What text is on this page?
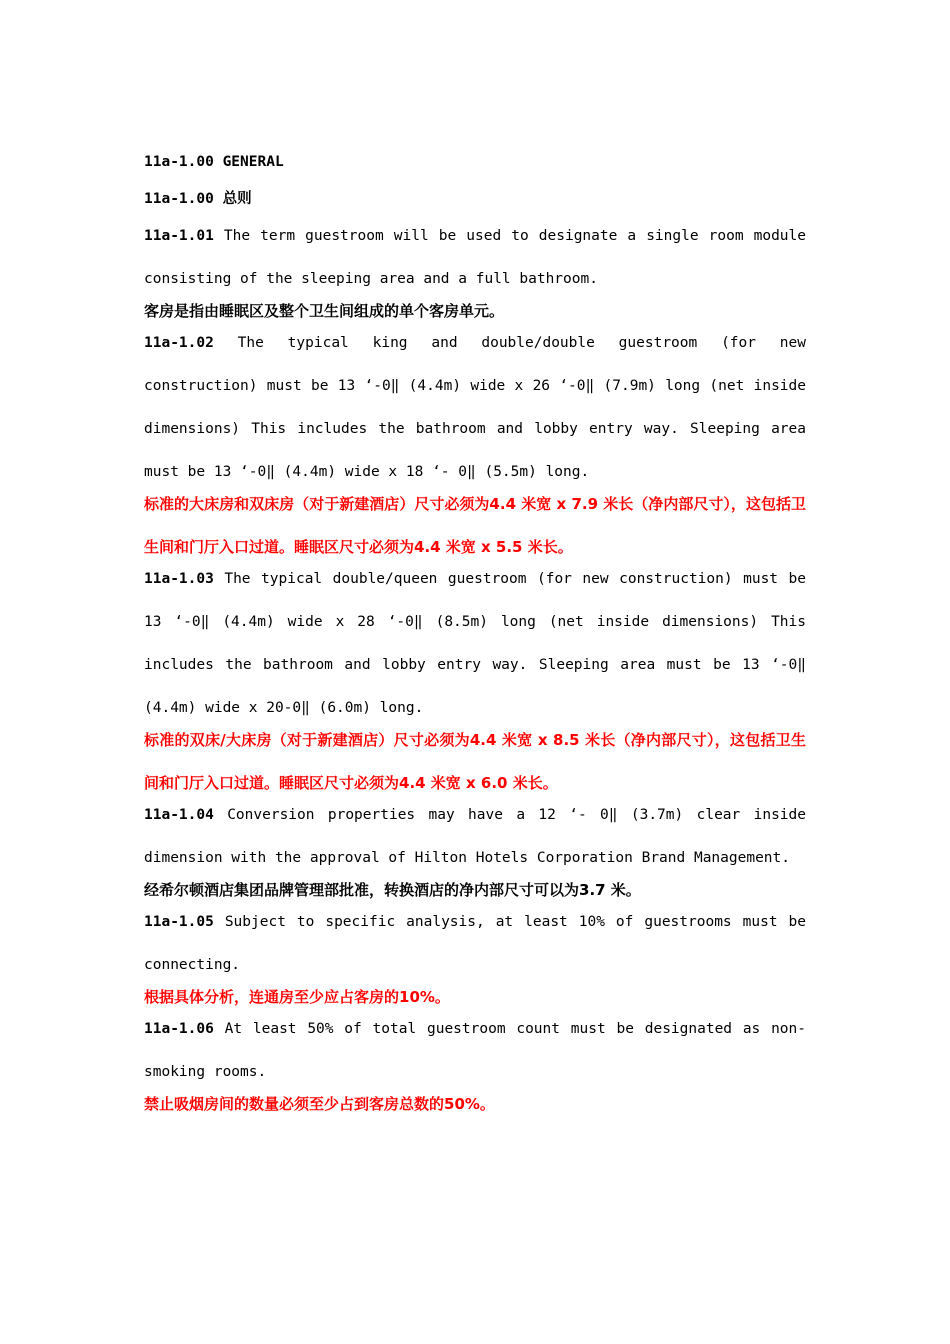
11a-1.00 GENERAL
11a-1.00 总则
11a-1.01 The term guestroom will be used to designate a single room module consisting of the sleeping area and a full bathroom.
客房是指由睡眠区及整个卫生间组成的单个客房单元。
11a-1.02 The typical king and double/double guestroom (for new construction) must be 13 ‘-0‖ (4.4m) wide x 26 ‘-0‖ (7.9m) long (net inside dimensions) This includes the bathroom and lobby entry way. Sleeping area must be 13 ‘-0‖ (4.4m) wide x 18 ‘- 0‖ (5.5m) long.
标准的大床房和双床房（对于新建酒店）尺寸必须为4.4 米宽 x 7.9 米长（净内部尺寸），这包括卫生间和门厅入口过道。睡眠区尺寸必须为4.4 米宽 x 5.5 米长。
11a-1.03 The typical double/queen guestroom (for new construction) must be 13 ‘-0‖ (4.4m) wide x 28 ‘-0‖ (8.5m) long (net inside dimensions) This includes the bathroom and lobby entry way. Sleeping area must be 13 ‘-0‖ (4.4m) wide x 20-0‖ (6.0m) long.
标准的双床/大床房（对于新建酒店）尺寸必须为4.4 米宽 x 8.5 米长（净内部尺寸），这包括卫生间和门厅入口过道。睡眠区尺寸必须为4.4 米宽 x 6.0 米长。
11a-1.04 Conversion properties may have a 12 ‘- 0‖ (3.7m) clear inside dimension with the approval of Hilton Hotels Corporation Brand Management.
经希尔顿酒店集团品牌管理部批准，转换酒店的净内部尺寸可以为3.7 米。
11a-1.05 Subject to specific analysis, at least 10% of guestrooms must be connecting.
根据具体分析，连通房至少应占客房的10%。
11a-1.06 At least 50% of total guestroom count must be designated as non-smoking rooms.
禁止吸烟房间的数量必须至少占到客房总数的50%。
